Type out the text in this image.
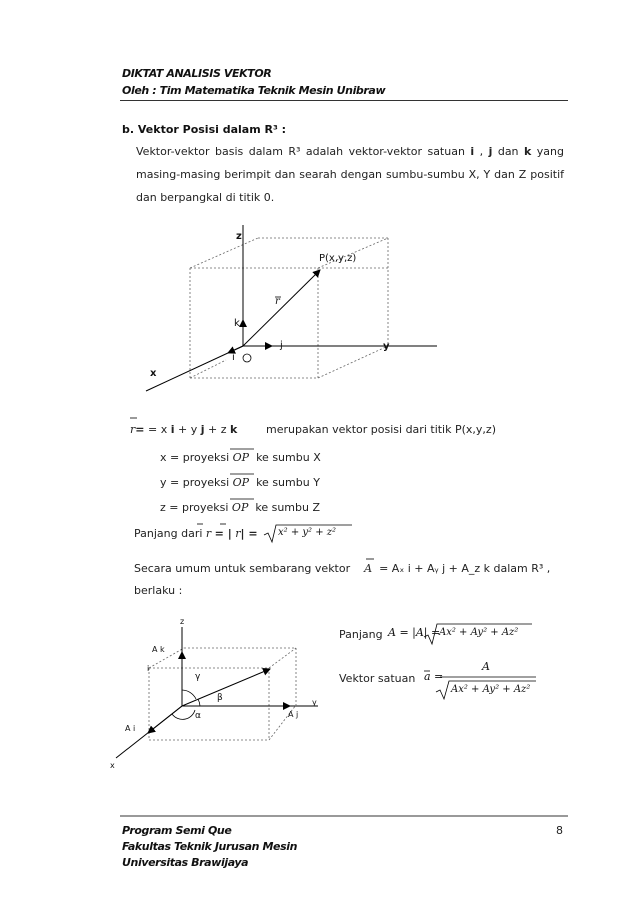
DIKTAT ANALISIS VEKTOR
Oleh : Tim Matematika Teknik Mesin Unibraw
b. Vektor Posisi dalam R³ :
Vektor-vektor basis dalam R³ adalah vektor-vektor satuan i , j dan k yang masing-masing berimpit dan searah dengan sumbu-sumbu X, Y dan Z positif dan berpangkal di titik 0.
z
P(x,y,z)
r
k
j	y
i
x
r= = x i + y j + z k	merupakan vektor posisi dari titik P(x,y,z)
x = proyeksi OP ke sumbu X
y = proyeksi OP ke sumbu Y
z = proyeksi OP ke sumbu Z
Panjang dari r = | r| = x² + y² + z²
Secara umum untuk sembarang vektor A = Aₓ i + Aᵧ j + A_z k dalam R³ ,
berlaku :
z
A k
i
γ
β
α
y
A j
A i
x
Panjang A = |A| =
Ax² + Ay² + Az²
Vektor satuan a =
A
Ax² + Ay² + Az²
Program Semi Que
Fakultas Teknik Jurusan Mesin
Universitas Brawijaya
8
